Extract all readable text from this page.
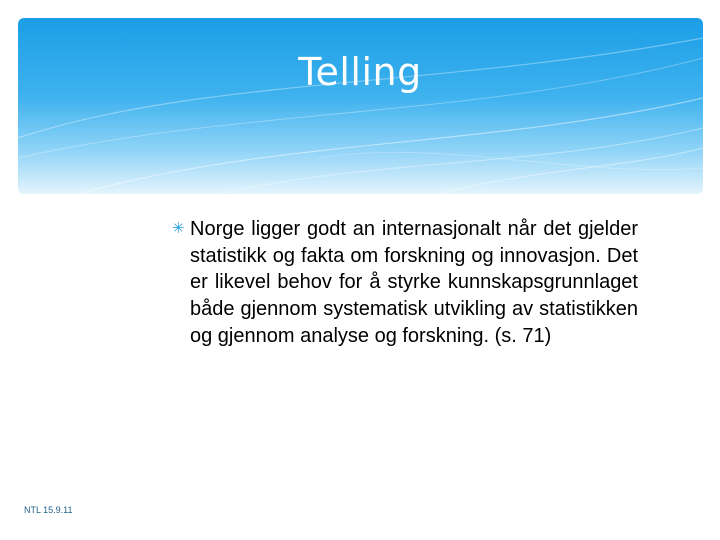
Telling
✳ Norge ligger godt an internasjonalt når det gjelder statistikk og fakta om forskning og innovasjon. Det er likevel behov for å styrke kunnskapsgrunnlaget både gjennom systematisk utvikling av statistikken og gjennom analyse og forskning. (s. 71)
NTL 15.9.11
